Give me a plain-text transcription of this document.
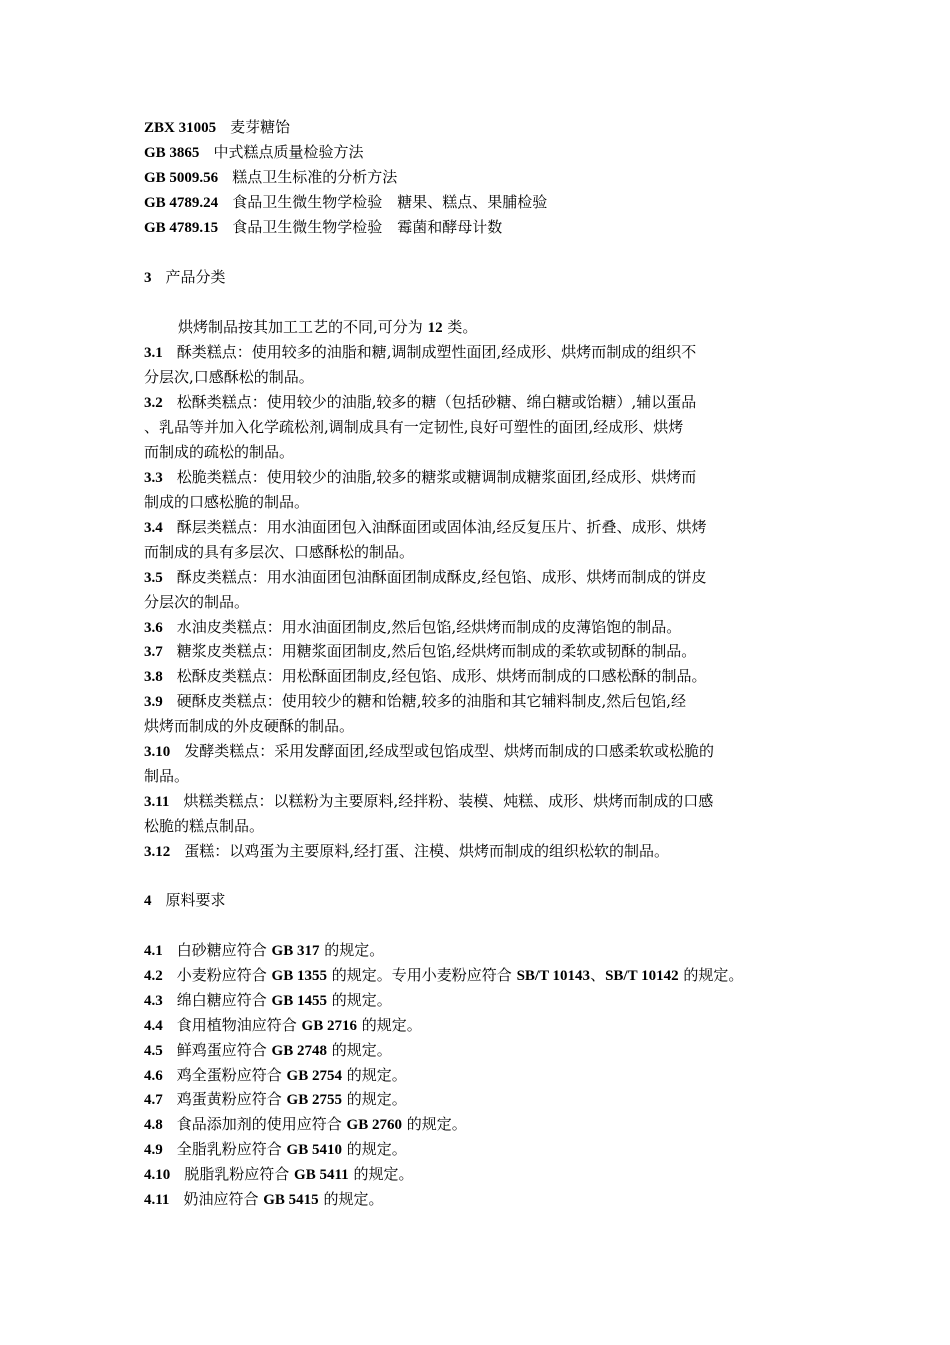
ZBX 31005 麦芽糖饴
GB 3865 中式糕点质量检验方法
GB 5009.56 糕点卫生标准的分析方法
GB 4789.24 食品卫生微生物学检验　糖果、糕点、果脯检验
GB 4789.15 食品卫生微生物学检验　霉菌和酵母计数
3 产品分类
烘烤制品按其加工工艺的不同,可分为 12 类。
3.1 酥类糕点：使用较多的油脂和糖,调制成塑性面团,经成形、烘烤而制成的组织不
分层次,口感酥松的制品。
3.2 松酥类糕点：使用较少的油脂,较多的糖（包括砂糖、绵白糖或饴糖）,辅以蛋品
、乳品等并加入化学疏松剂,调制成具有一定韧性,良好可塑性的面团,经成形、烘烤
而制成的疏松的制品。
3.3 松脆类糕点：使用较少的油脂,较多的糖浆或糖调制成糖浆面团,经成形、烘烤而
制成的口感松脆的制品。
3.4 酥层类糕点：用水油面团包入油酥面团或固体油,经反复压片、折叠、成形、烘烤
而制成的具有多层次、口感酥松的制品。
3.5 酥皮类糕点：用水油面团包油酥面团制成酥皮,经包馅、成形、烘烤而制成的饼皮
分层次的制品。
3.6 水油皮类糕点：用水油面团制皮,然后包馅,经烘烤而制成的皮薄馅饱的制品。
3.7 糖浆皮类糕点：用糖浆面团制皮,然后包馅,经烘烤而制成的柔软或韧酥的制品。
3.8 松酥皮类糕点：用松酥面团制皮,经包馅、成形、烘烤而制成的口感松酥的制品。
3.9 硬酥皮类糕点：使用较少的糖和饴糖,较多的油脂和其它辅料制皮,然后包馅,经
烘烤而制成的外皮硬酥的制品。
3.10 发酵类糕点：采用发酵面团,经成型或包馅成型、烘烤而制成的口感柔软或松脆的
制品。
3.11 烘糕类糕点：以糕粉为主要原料,经拌粉、装模、炖糕、成形、烘烤而制成的口感
松脆的糕点制品。
3.12 蛋糕：以鸡蛋为主要原料,经打蛋、注模、烘烤而制成的组织松软的制品。
4 原料要求
4.1 白砂糖应符合 GB 317 的规定。
4.2 小麦粉应符合 GB 1355 的规定。专用小麦粉应符合 SB/T 10143、SB/T 10142 的规定。
4.3 绵白糖应符合 GB 1455 的规定。
4.4 食用植物油应符合 GB 2716 的规定。
4.5 鲜鸡蛋应符合 GB 2748 的规定。
4.6 鸡全蛋粉应符合 GB 2754 的规定。
4.7 鸡蛋黄粉应符合 GB 2755 的规定。
4.8 食品添加剂的使用应符合 GB 2760 的规定。
4.9 全脂乳粉应符合 GB 5410 的规定。
4.10 脱脂乳粉应符合 GB 5411 的规定。
4.11 奶油应符合 GB 5415 的规定。
